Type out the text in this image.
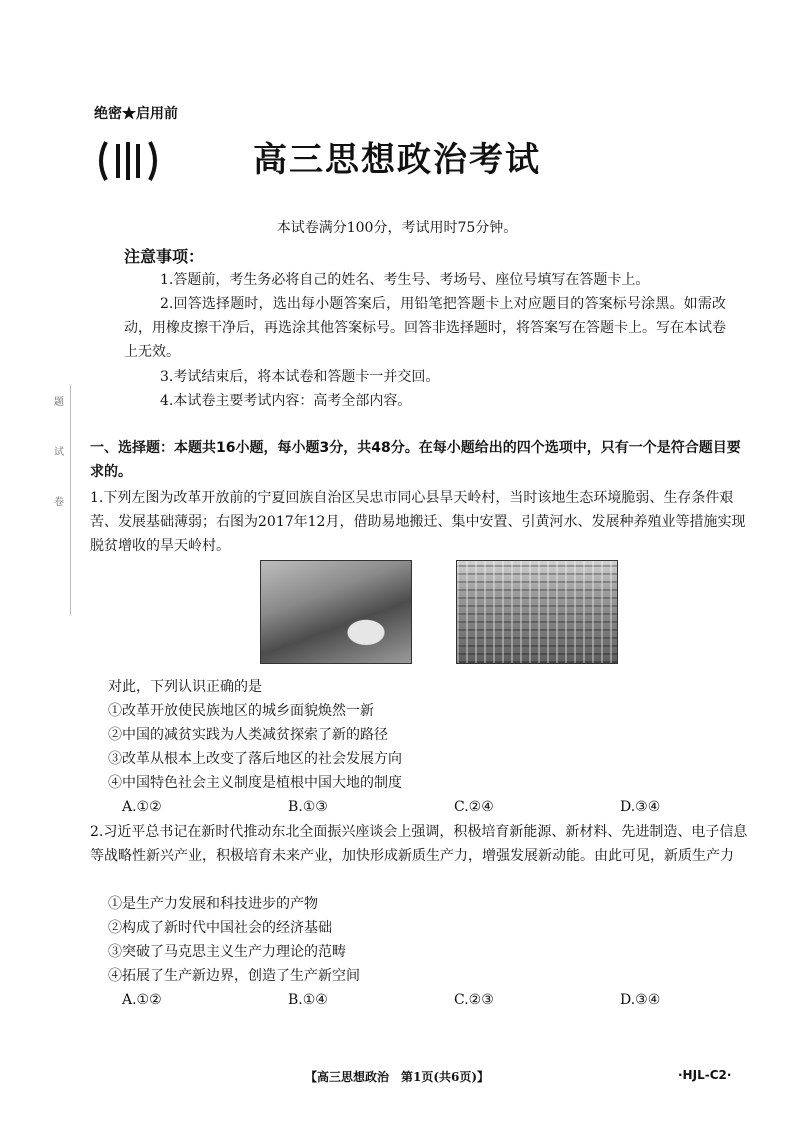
绝密★启用前
高三思想政治考试
本试卷满分100分，考试用时75分钟。
注意事项：
1.答题前，考生务必将自己的姓名、考生号、考场号、座位号填写在答题卡上。
2.回答选择题时，选出每小题答案后，用铅笔把答题卡上对应题目的答案标号涂黑。如需改动，用橡皮擦干净后，再选涂其他答案标号。回答非选择题时，将答案写在答题卡上。写在本试卷上无效。
3.考试结束后，将本试卷和答题卡一并交回。
4.本试卷主要考试内容：高考全部内容。
题
试
卷
一、选择题：本题共16小题，每小题3分，共48分。在每小题给出的四个选项中，只有一个是符合题目要求的。
1.下列左图为改革开放前的宁夏回族自治区吴忠市同心县旱天岭村，当时该地生态环境脆弱、生存条件艰苦、发展基础薄弱；右图为2017年12月，借助易地搬迁、集中安置、引黄河水、发展种养殖业等措施实现脱贫增收的旱天岭村。
对此，下列认识正确的是
①改革开放使民族地区的城乡面貌焕然一新
②中国的减贫实践为人类减贫探索了新的路径
③改革从根本上改变了落后地区的社会发展方向
④中国特色社会主义制度是植根中国大地的制度
A.①②	B.①③	C.②④	D.③④
2.习近平总书记在新时代推动东北全面振兴座谈会上强调，积极培育新能源、新材料、先进制造、电子信息等战略性新兴产业，积极培育未来产业，加快形成新质生产力，增强发展新动能。由此可见，新质生产力
①是生产力发展和科技进步的产物
②构成了新时代中国社会的经济基础
③突破了马克思主义生产力理论的范畴
④拓展了生产新边界，创造了生产新空间
A.①②	B.①④	C.②③	D.③④
【高三思想政治　第1页(共6页)】	·HJL-C2·
